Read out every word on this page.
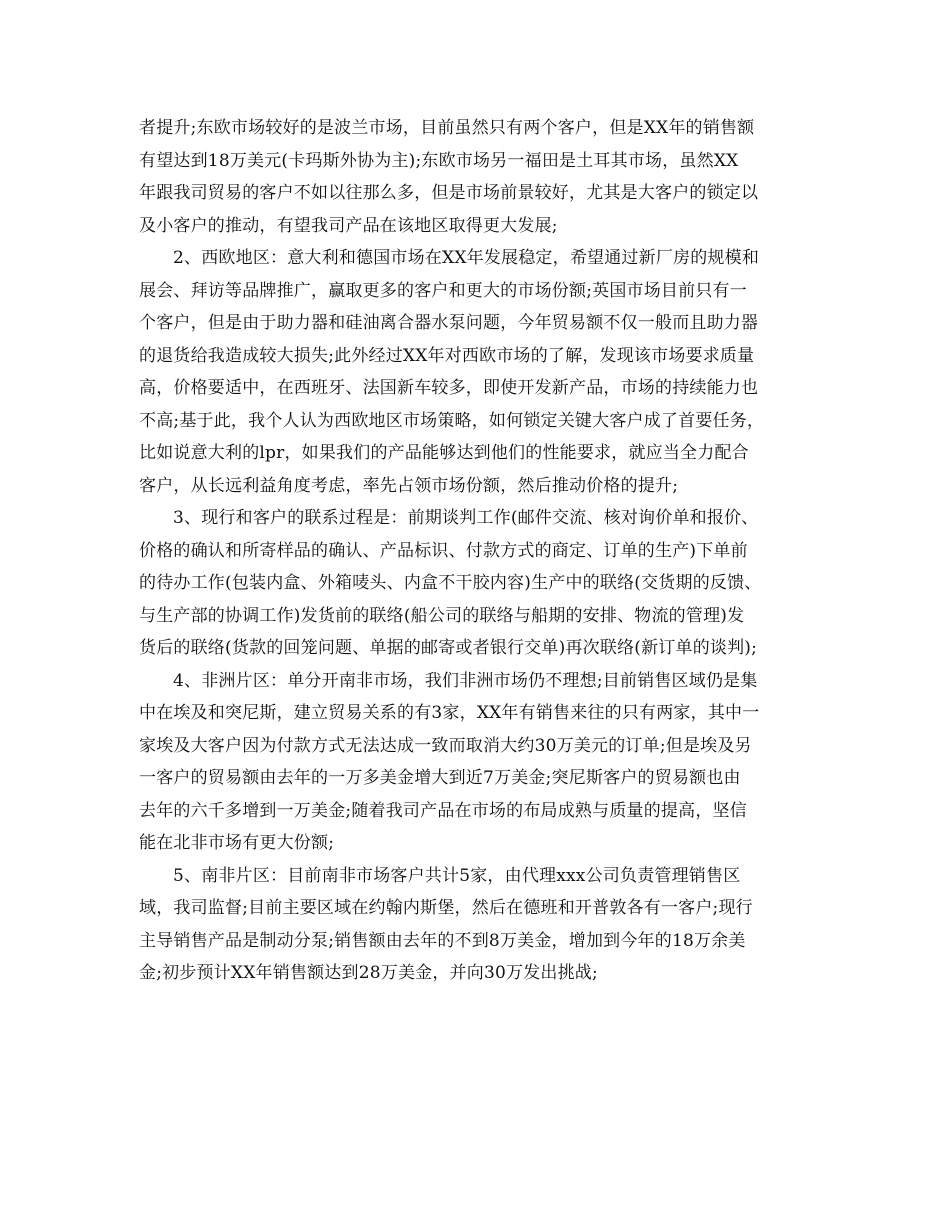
者提升;东欧市场较好的是波兰市场，目前虽然只有两个客户，但是XX年的销售额
有望达到18万美元(卡玛斯外协为主);东欧市场另一福田是土耳其市场，虽然XX
年跟我司贸易的客户不如以往那么多，但是市场前景较好，尤其是大客户的锁定以
及小客户的推动，有望我司产品在该地区取得更大发展;
2、西欧地区：意大利和德国市场在XX年发展稳定，希望通过新厂房的规模和
展会、拜访等品牌推广，赢取更多的客户和更大的市场份额;英国市场目前只有一
个客户，但是由于助力器和硅油离合器水泵问题，今年贸易额不仅一般而且助力器
的退货给我造成较大损失;此外经过XX年对西欧市场的了解，发现该市场要求质量
高，价格要适中，在西班牙、法国新车较多，即使开发新产品，市场的持续能力也
不高;基于此，我个人认为西欧地区市场策略，如何锁定关键大客户成了首要任务，
比如说意大利的lpr，如果我们的产品能够达到他们的性能要求，就应当全力配合
客户，从长远利益角度考虑，率先占领市场份额，然后推动价格的提升;
3、现行和客户的联系过程是：前期谈判工作(邮件交流、核对询价单和报价、
价格的确认和所寄样品的确认、产品标识、付款方式的商定、订单的生产)下单前
的待办工作(包装内盒、外箱唛头、内盒不干胶内容)生产中的联络(交货期的反馈、
与生产部的协调工作)发货前的联络(船公司的联络与船期的安排、物流的管理)发
货后的联络(货款的回笼问题、单据的邮寄或者银行交单)再次联络(新订单的谈判);
4、非洲片区：单分开南非市场，我们非洲市场仍不理想;目前销售区域仍是集
中在埃及和突尼斯，建立贸易关系的有3家，XX年有销售来往的只有两家，其中一
家埃及大客户因为付款方式无法达成一致而取消大约30万美元的订单;但是埃及另
一客户的贸易额由去年的一万多美金增大到近7万美金;突尼斯客户的贸易额也由
去年的六千多增到一万美金;随着我司产品在市场的布局成熟与质量的提高，坚信
能在北非市场有更大份额;
5、南非片区：目前南非市场客户共计5家，由代理xxx公司负责管理销售区
域，我司监督;目前主要区域在约翰内斯堡，然后在德班和开普敦各有一客户;现行
主导销售产品是制动分泵;销售额由去年的不到8万美金，增加到今年的18万余美
金;初步预计XX年销售额达到28万美金，并向30万发出挑战;
